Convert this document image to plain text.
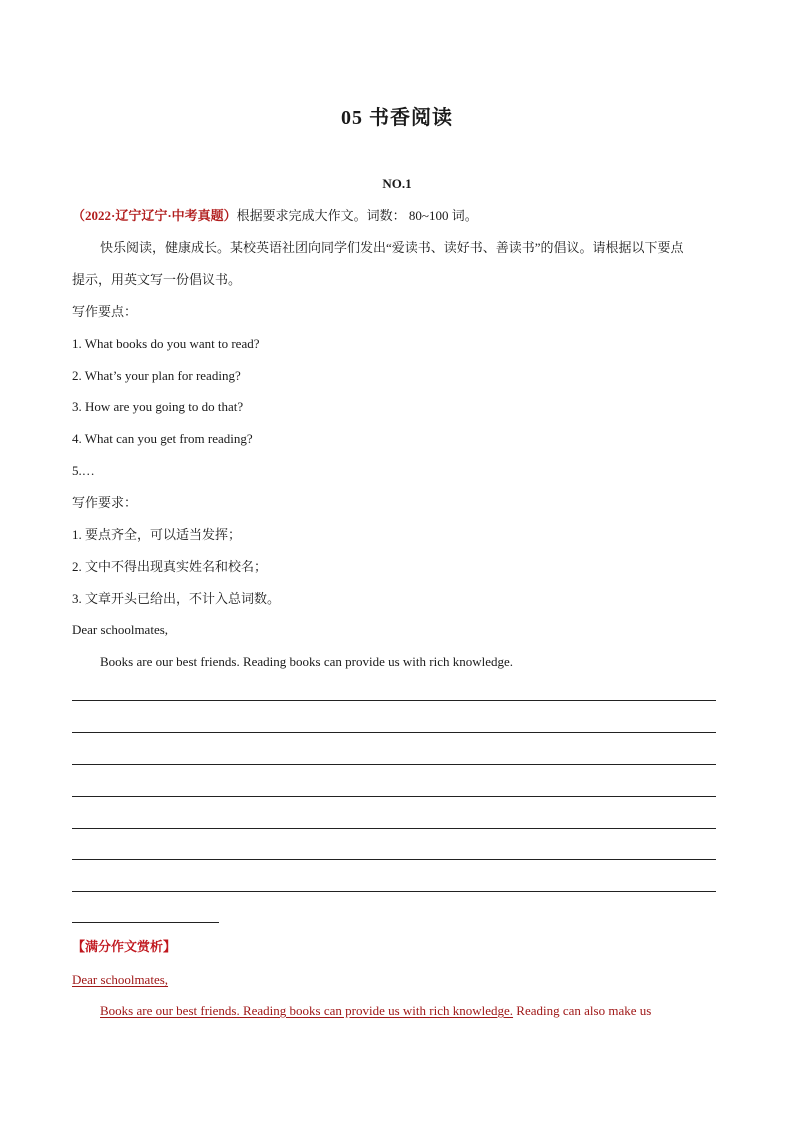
05 书香阅读
NO.1
（2022·辽宁辽宁·中考真题）根据要求完成大作文。词数： 80~100 词。
快乐阅读，健康成长。某校英语社团向同学们发出“爱读书、读好书、善读书”的倡议。请根据以下要点
提示，用英文写一份倡议书。
写作要点：
1. What books do you want to read?
2. What’s your plan for reading?
3. How are you going to do that?
4. What can you get from reading?
5.…
写作要求：
1. 要点齐全，可以适当发挥；
2. 文中不得出现真实姓名和校名；
3. 文章开头已给出，不计入总词数。
Dear schoolmates,
Books are our best friends. Reading books can provide us with rich knowledge.
【满分作文赏析】
Dear schoolmates,
Books are our best friends. Reading books can provide us with rich knowledge. Reading can also make us
